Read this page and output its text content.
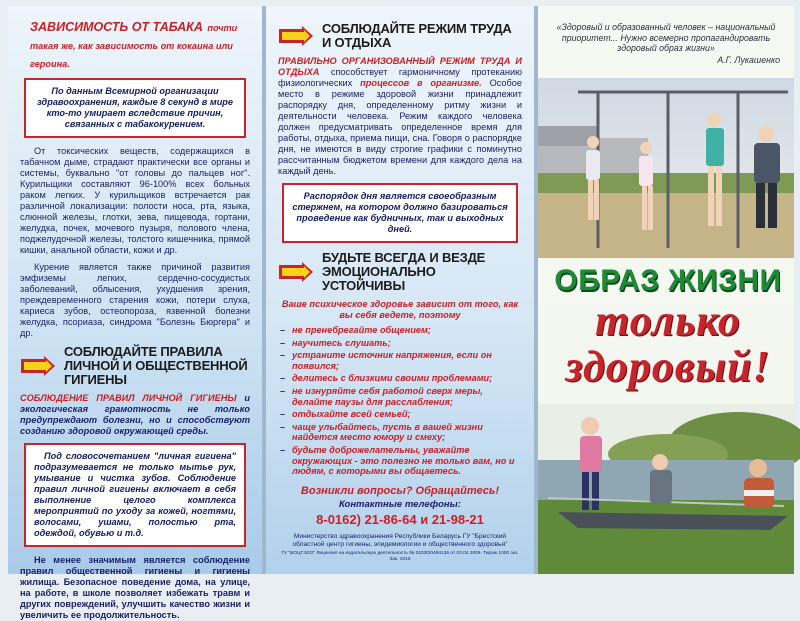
ЗАВИСИМОСТЬ ОТ ТАБАКА почти такая же, как зависимость от кокаина или героина.
По данным Всемирной организации здравоохранения, каждые 8 секунд в мире кто-то умирает вследствие причин, связанных с табакокурением.

От токсических веществ, содержащихся в табачном дыме, страдают практически все органы и системы, буквально "от головы до пальцев ног". Курильщики составляют 96-100% всех больных раком легких. У курильщиков встречается рак различной локализации: полости носа, рта, языка, слюнной железы, глотки, зева, пищевода, гортани, желудка, почек, мочевого пузыря, полового члена, поджелудочной железы, толстого кишечника, прямой кишки, анальной области, кожи и др.

Курение является также причиной развития эмфиземы легких, сердечно-сосудистых заболеваний, облысения, ухудшения зрения, преждевременного старения кожи, потери слуха, кариеса зубов, остеопороза, язвенной болезни желудка, псориаза, синдрома "Болезнь Бюргера" и др.

СОБЛЮДАЙТЕ ПРАВИЛА ЛИЧНОЙ И ОБЩЕСТВЕННОЙ ГИГИЕНЫ

СОБЛЮДЕНИЕ ПРАВИЛ ЛИЧНОЙ ГИГИЕНЫ и экологическая грамотность не только предупреждают болезни, но и способствуют созданию здоровой окружающей среды.

Под словосочетанием "личная гигиена" подразумевается не только мытье рук, умывание и чистка зубов. Соблюдение правил личной гигиены включает в себя выполнение целого комплекса мероприятий по уходу за кожей, ногтями, волосами, ушами, полостью рта, одеждой, обувью и т.д.

Не менее значимым является соблюдение правил общественной гигиены и гигиены жилища. Безопасное поведение дома, на улице, на работе, в школе позволяет избежать травм и других повреждений, улучшить качество жизни и увеличить ее продолжительность.

СОБЛЮДАЙТЕ РЕЖИМ ТРУДА И ОТДЫХА

ПРАВИЛЬНО ОРГАНИЗОВАННЫЙ РЕЖИМ ТРУДА И ОТДЫХА способствует гармоничному протеканию физиологических процессов в организме. Особое место в режиме здоровой жизни принадлежит распорядку дня, определенному ритму жизни и деятельности человека. Режим каждого человека должен предусматривать определенное время для работы, отдыха, приема пищи, сна. Говоря о распорядке дня, не имеются в виду строгие графики с поминутно рассчитанным бюджетом времени для каждого дела на каждый день.

Распорядок дня является своеобразным стержнем, на котором должно базироваться проведение как будничных, так и выходных дней.
БУДЬТЕ ВСЕГДА И ВЕЗДЕ ЭМОЦИОНАЛЬНО УСТОЙЧИВЫ
Ваше психическое здоровье зависит от того, как вы себя ведете, поэтому
– не пренебрегайте общением;
– научитесь слушать;
– устраните источник напряжения, если он появился;
– делитесь с близкими своими проблемами;
– не изнуряйте себя работой сверх меры, делайте паузы для расслабления;
– отдыхайте всей семьей;
– чаще улыбайтесь, пусть в вашей жизни найдется место юмору и смеху;
– будьте доброжелательны, уважайте окружающих - это полезно не только вам, но и людям, с которыми вы общаетесь.
Возникли вопросы? Обращайтесь!
Контактные телефоны:
8-0162) 21-86-64 и 21-98-21
Министерство здравоохранения Республики Беларусь ГУ "Брестский областной центр гигиены, эпидемиологии и общественного здоровья"
ГУ "БОЦГЭОЗ" Лицензия на издательскую деятельность № 02330/0494136 от 03.04.2009. Тираж 1000 экз. Зак. 2016
«Здоровый и образованный человек – национальный приоритет... Нужно всемерно пропагандировать здоровый образ жизни»
А.Г. Лукашенко
ОБРАЗ ЖИЗНИ
только
здоровый!
